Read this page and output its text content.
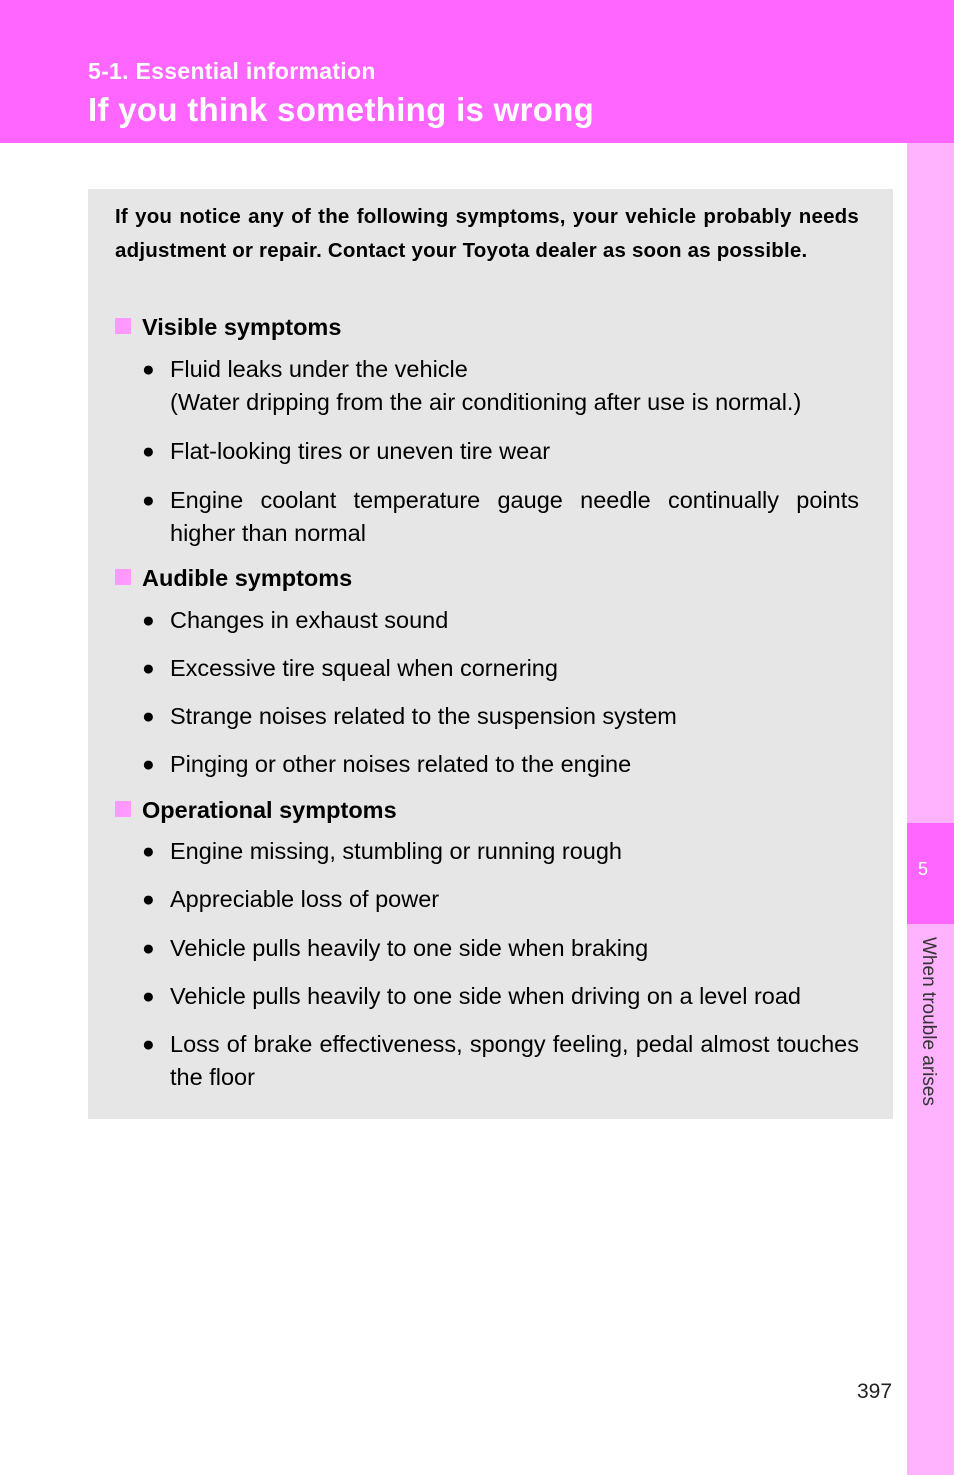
5-1. Essential information
If you think something is wrong
5
When trouble arises
If you notice any of the following symptoms, your vehicle probably needs adjustment or repair. Contact your Toyota dealer as soon as possible.
Visible symptoms
● Fluid leaks under the vehicle
(Water dripping from the air conditioning after use is normal.)
● Flat-looking tires or uneven tire wear
● Engine coolant temperature gauge needle continually points higher than normal
Audible symptoms
● Changes in exhaust sound
● Excessive tire squeal when cornering
● Strange noises related to the suspension system
● Pinging or other noises related to the engine
Operational symptoms
● Engine missing, stumbling or running rough
● Appreciable loss of power
● Vehicle pulls heavily to one side when braking
● Vehicle pulls heavily to one side when driving on a level road
● Loss of brake effectiveness, spongy feeling, pedal almost touches the floor
397
